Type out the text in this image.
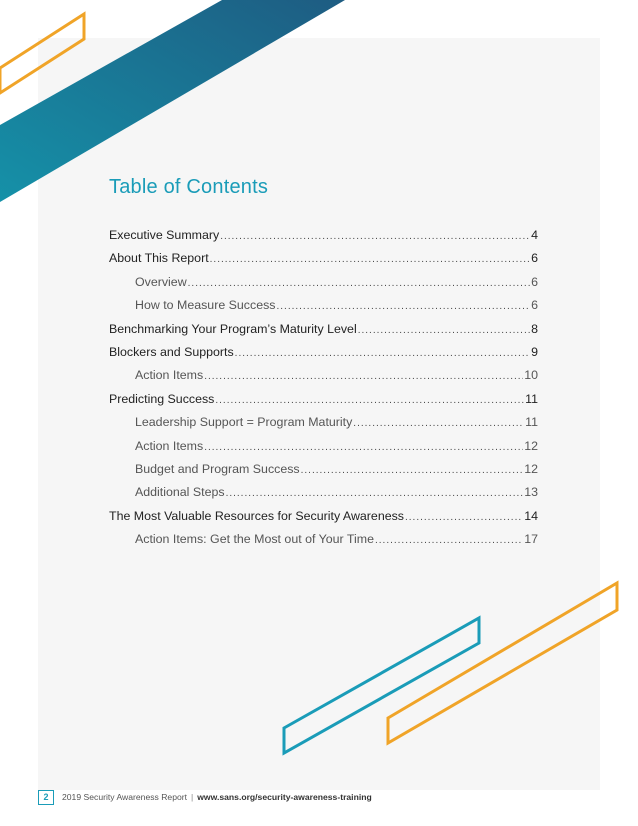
Table of Contents
Executive Summary .....	4
About This Report .....	6
Overview .....	6
How to Measure Success .....	6
Benchmarking Your Program’s Maturity Level .....	8
Blockers and Supports .....	9
Action Items .....	10
Predicting Success .....	11
Leadership Support = Program Maturity .....	11
Action Items .....	12
Budget and Program Success .....	12
Additional Steps .....	13
The Most Valuable Resources for Security Awareness .....	14
Action Items: Get the Most out of Your Time .....	17
2	2019 Security Awareness Report | www.sans.org/security-awareness-training
